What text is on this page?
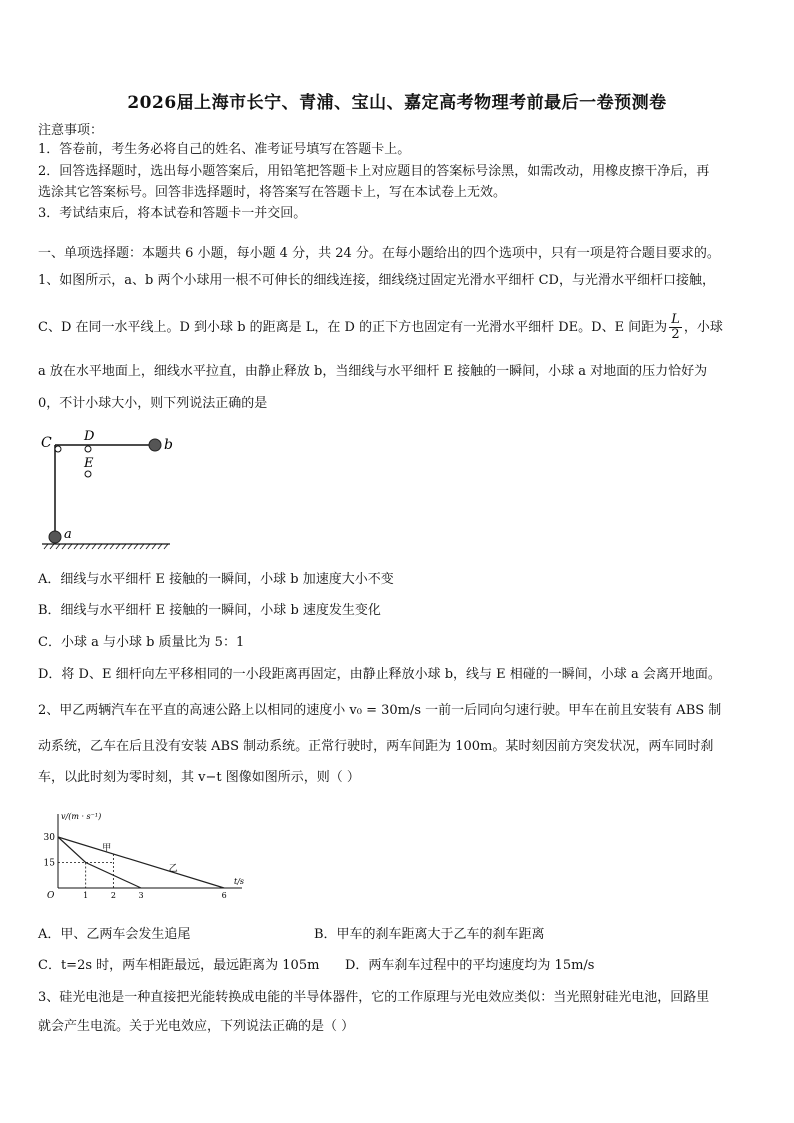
2026届上海市长宁、青浦、宝山、嘉定高考物理考前最后一卷预测卷
注意事项：
1．答卷前，考生务必将自己的姓名、准考证号填写在答题卡上。
2．回答选择题时，选出每小题答案后，用铅笔把答题卡上对应题目的答案标号涂黑，如需改动，用橡皮擦干净后，再
选涂其它答案标号。回答非选择题时，将答案写在答题卡上，写在本试卷上无效。
3．考试结束后，将本试卷和答题卡一并交回。
一、单项选择题：本题共 6 小题，每小题 4 分，共 24 分。在每小题给出的四个选项中，只有一项是符合题目要求的。
1、如图所示，a、b 两个小球用一根不可伸长的细线连接，细线绕过固定光滑水平细杆 CD，与光滑水平细杆口接触，
C、D 在同一水平线上。D 到小球 b 的距离是 L，在 D 的正下方也固定有一光滑水平细杆 DE。D、E 间距为 $\frac{L}{2}$ ，小球
a 放在水平地面上，细线水平拉直，由静止释放 b，当细线与水平细杆 E 接触的一瞬间，小球 a 对地面的压力恰好为
0，不计小球大小，则下列说法正确的是
C D
E
b
a
A．细线与水平细杆 E 接触的一瞬间，小球 b 加速度大小不变
B．细线与水平细杆 E 接触的一瞬间，小球 b 速度发生变化
C．小球 a 与小球 b 质量比为 5：1
D．将 D、E 细杆向左平移相同的一小段距离再固定，由静止释放小球 b，线与 E 相碰的一瞬间，小球 a 会离开地面。
2、甲乙两辆汽车在平直的高速公路上以相同的速度小 v₀ = 30m/s 一前一后同向匀速行驶。甲车在前且安装有 ABS 制
动系统，乙车在后且没有安装 ABS 制动系统。正常行驶时，两车间距为 100m。某时刻因前方突发状况，两车同时刹
车，以此时刻为零时刻，其 v−t 图像如图所示，则（ ）
v/(m · s⁻¹)
t/s
O
30
15
1	2	3	6
甲
乙
A．甲、乙两车会发生追尾	B．甲车的刹车距离大于乙车的刹车距离
C．t=2s 时，两车相距最远，最远距离为 105m D．两车刹车过程中的平均速度均为 15m/s
3、硅光电池是一种直接把光能转换成电能的半导体器件，它的工作原理与光电效应类似：当光照射硅光电池，回路里
就会产生电流。关于光电效应，下列说法正确的是（ ）
